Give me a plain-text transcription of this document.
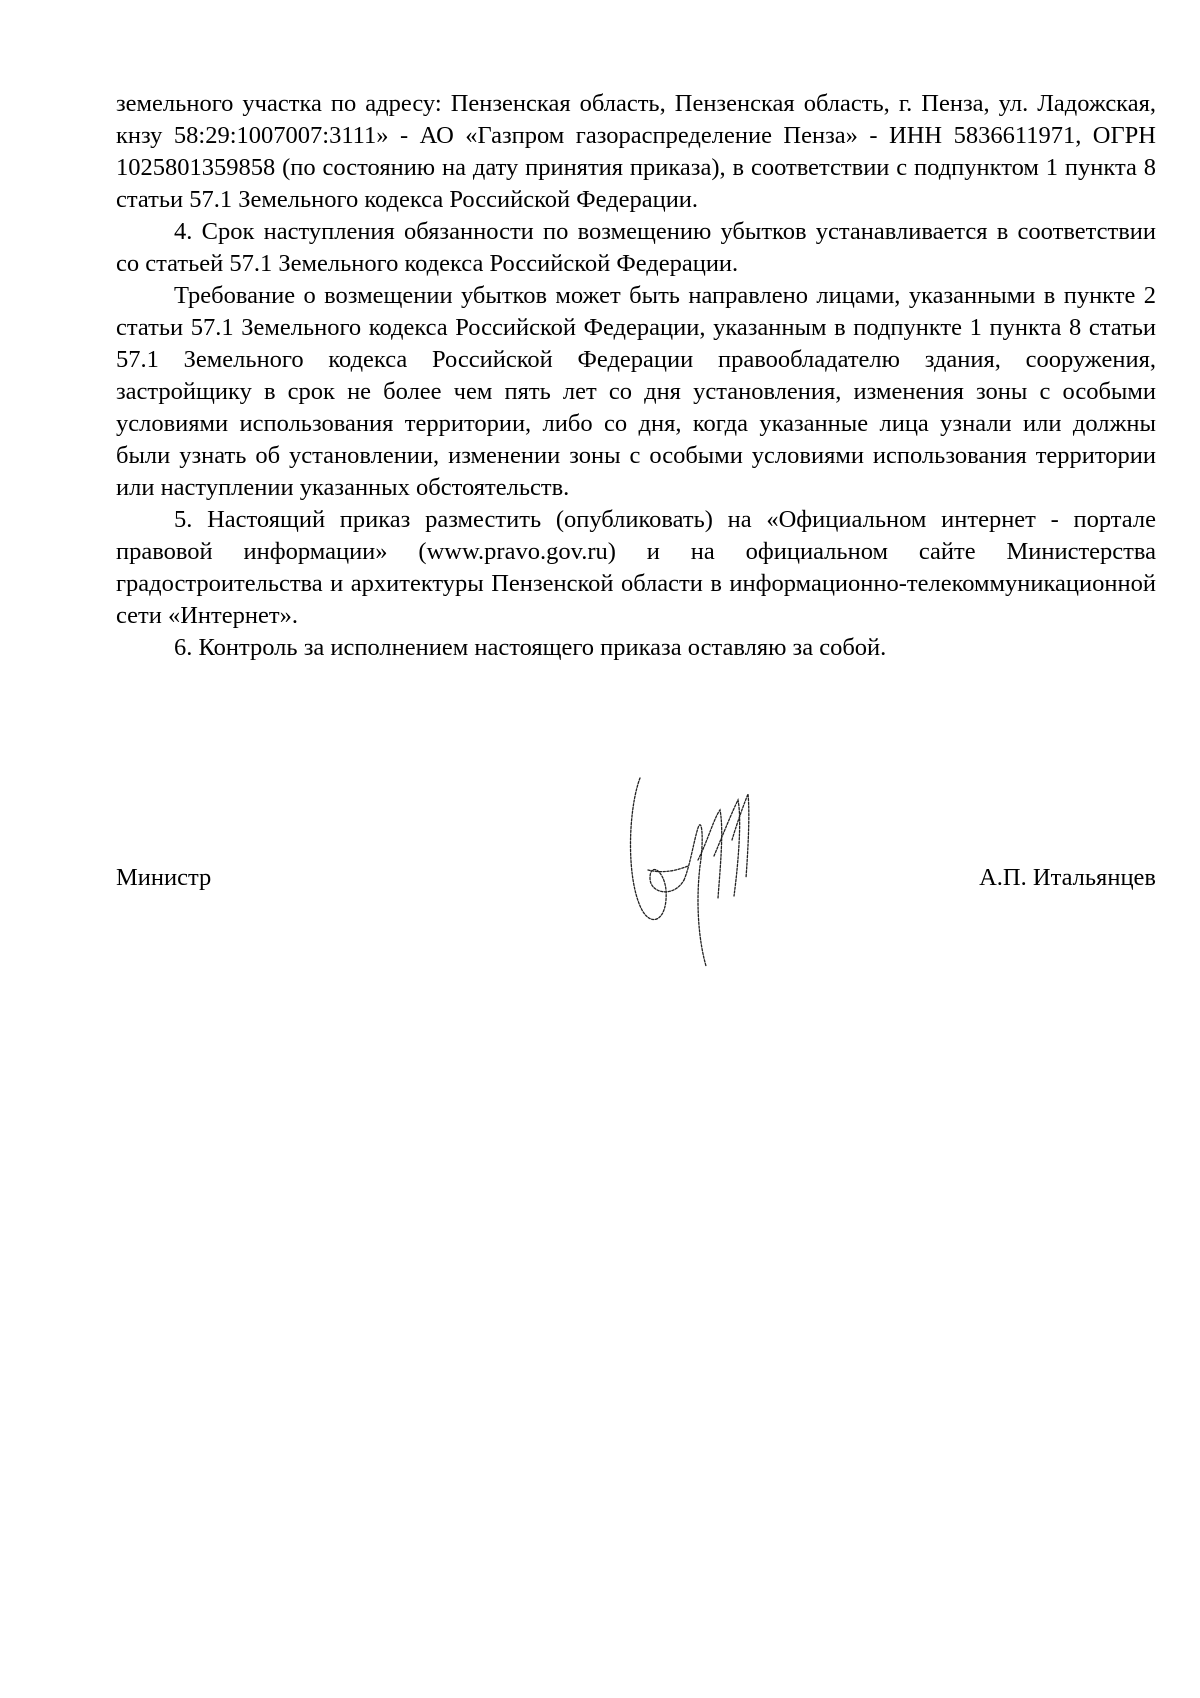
земельного участка по адресу: Пензенская область, Пензенская область, г. Пенза, ул. Ладожская, кнзу 58:29:1007007:3111» - АО «Газпром газораспределение Пенза» - ИНН 5836611971, ОГРН 1025801359858 (по состоянию на дату принятия приказа), в соответствии с подпунктом 1 пункта 8 статьи 57.1 Земельного кодекса Российской Федерации.

4. Срок наступления обязанности по возмещению убытков устанавливается в соответствии со статьей 57.1 Земельного кодекса Российской Федерации.

Требование о возмещении убытков может быть направлено лицами, указанными в пункте 2 статьи 57.1 Земельного кодекса Российской Федерации, указанным в подпункте 1 пункта 8 статьи 57.1 Земельного кодекса Российской Федерации правообладателю здания, сооружения, застройщику в срок не более чем пять лет со дня установления, изменения зоны с особыми условиями использования территории, либо со дня, когда указанные лица узнали или должны были узнать об установлении, изменении зоны с особыми условиями использования территории или наступлении указанных обстоятельств.

5. Настоящий приказ разместить (опубликовать) на «Официальном интернет - портале правовой информации» (www.pravo.gov.ru) и на официальном сайте Министерства градостроительства и архитектуры Пензенской области в информационно-телекоммуникационной сети «Интернет».

6. Контроль за исполнением настоящего приказа оставляю за собой.

Министр	А.П. Итальянцев
